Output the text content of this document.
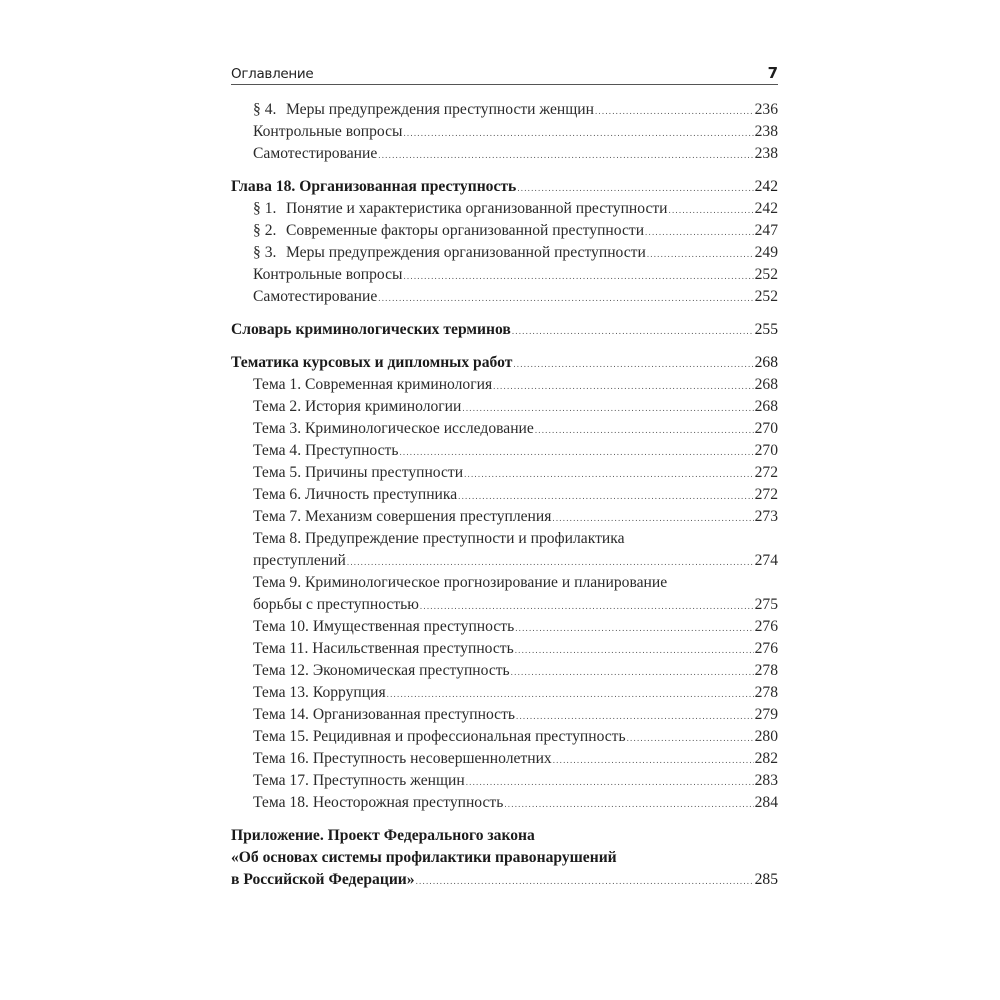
Оглавление	7
§ 4. Меры предупреждения преступности женщин .....	236
Контрольные вопросы .....	238
Самотестирование .....	238
Глава 18. Организованная преступность .....	242
§ 1. Понятие и характеристика организованной преступности .....	242
§ 2. Современные факторы организованной преступности .....	247
§ 3. Меры предупреждения организованной преступности .....	249
Контрольные вопросы .....	252
Самотестирование .....	252
Словарь криминологических терминов .....	255
Тематика курсовых и дипломных работ .....	268
Тема 1. Современная криминология .....	268
Тема 2. История криминологии .....	268
Тема 3. Криминологическое исследование .....	270
Тема 4. Преступность .....	270
Тема 5. Причины преступности .....	272
Тема 6. Личность преступника .....	272
Тема 7. Механизм совершения преступления .....	273
Тема 8. Предупреждение преступности и профилактика
преступлений .....	274
Тема 9. Криминологическое прогнозирование и планирование
борьбы с преступностью .....	275
Тема 10. Имущественная преступность .....	276
Тема 11. Насильственная преступность .....	276
Тема 12. Экономическая преступность .....	278
Тема 13. Коррупция .....	278
Тема 14. Организованная преступность .....	279
Тема 15. Рецидивная и профессиональная преступность .....	280
Тема 16. Преступность несовершеннолетних .....	282
Тема 17. Преступность женщин .....	283
Тема 18. Неосторожная преступность .....	284
Приложение. Проект Федерального закона
«Об основах системы профилактики правонарушений
в Российской Федерации» .....	285
